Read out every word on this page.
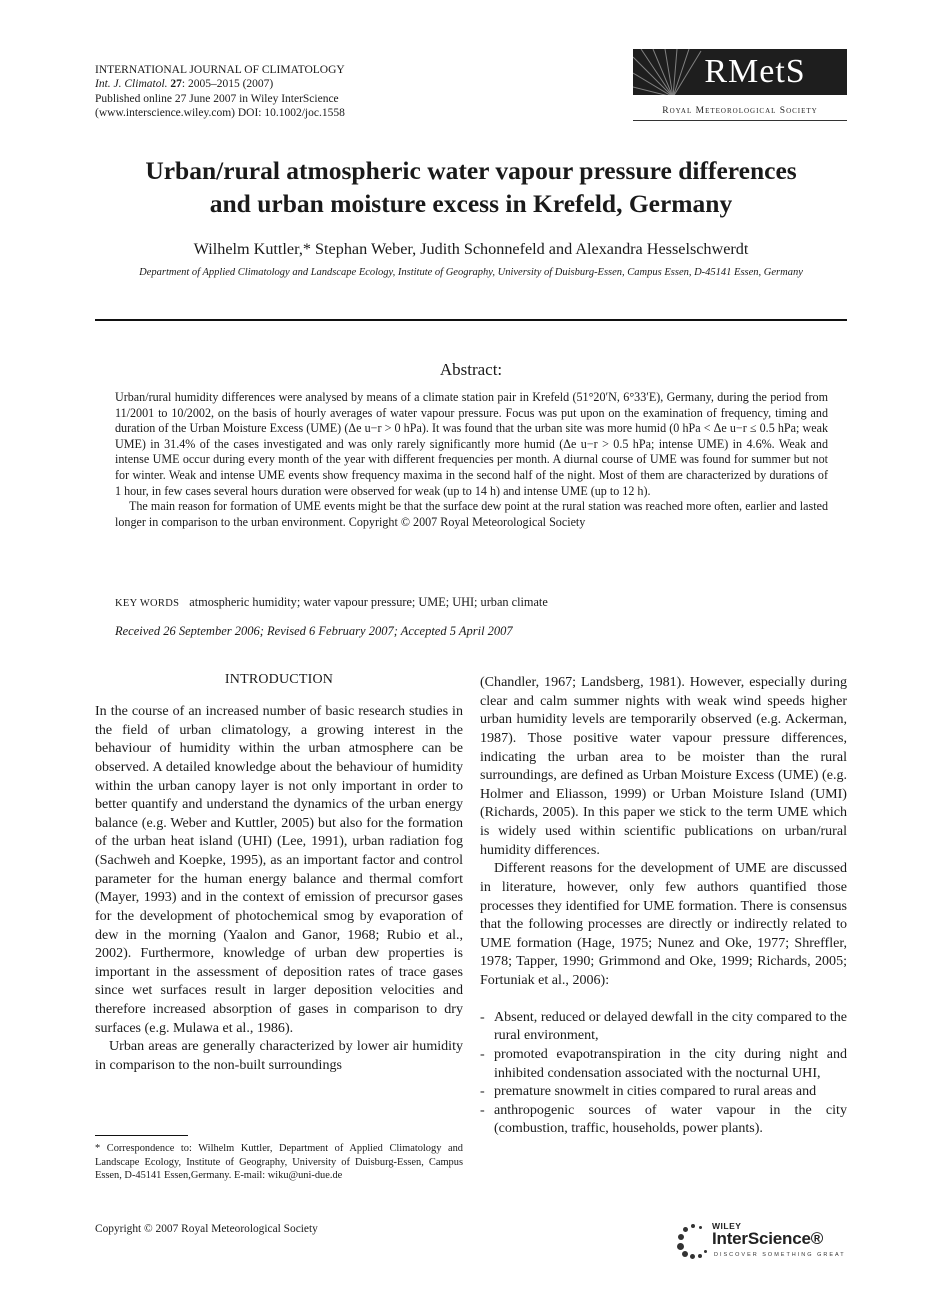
INTERNATIONAL JOURNAL OF CLIMATOLOGY
Int. J. Climatol. 27: 2005–2015 (2007)
Published online 27 June 2007 in Wiley InterScience
(www.interscience.wiley.com) DOI: 10.1002/joc.1558
RMetS
Royal Meteorological Society
Urban/rural atmospheric water vapour pressure differences
and urban moisture excess in Krefeld, Germany
Wilhelm Kuttler,* Stephan Weber, Judith Schonnefeld and Alexandra Hesselschwerdt
Department of Applied Climatology and Landscape Ecology, Institute of Geography, University of Duisburg-Essen, Campus Essen, D-45141 Essen, Germany
Abstract:

Urban/rural humidity differences were analysed by means of a climate station pair in Krefeld (51°20′N, 6°33′E), Germany, during the period from 11/2001 to 10/2002, on the basis of hourly averages of water vapour pressure. Focus was put upon on the examination of frequency, timing and duration of the Urban Moisture Excess (UME) (Δe u−r > 0 hPa). It was found that the urban site was more humid (0 hPa < Δe u−r ≤ 0.5 hPa; weak UME) in 31.4% of the cases investigated and was only rarely significantly more humid (Δe u−r > 0.5 hPa; intense UME) in 4.6%. Weak and intense UME occur during every month of the year with different frequencies per month. A diurnal course of UME was found for summer but not for winter. Weak and intense UME events show frequency maxima in the second half of the night. Most of them are characterized by durations of 1 hour, in few cases several hours duration were observed for weak (up to 14 h) and intense UME (up to 12 h).

The main reason for formation of UME events might be that the surface dew point at the rural station was reached more often, earlier and lasted longer in comparison to the urban environment. Copyright © 2007 Royal Meteorological Society

KEY WORDS atmospheric humidity; water vapour pressure; UME; UHI; urban climate
Received 26 September 2006; Revised 6 February 2007; Accepted 5 April 2007
INTRODUCTION

In the course of an increased number of basic research studies in the field of urban climatology, a growing interest in the behaviour of humidity within the urban atmosphere can be observed. A detailed knowledge about the behaviour of humidity within the urban canopy layer is not only important in order to better quantify and understand the dynamics of the urban energy balance (e.g. Weber and Kuttler, 2005) but also for the formation of the urban heat island (UHI) (Lee, 1991), urban radiation fog (Sachweh and Koepke, 1995), as an important factor and control parameter for the human energy balance and thermal comfort (Mayer, 1993) and in the context of emission of precursor gases for the development of photochemical smog by evaporation of dew in the morning (Yaalon and Ganor, 1968; Rubio et al., 2002). Furthermore, knowledge of urban dew properties is important in the assessment of deposition rates of trace gases since wet surfaces result in larger deposition velocities and therefore increased absorption of gases in comparison to dry surfaces (e.g. Mulawa et al., 1986).

Urban areas are generally characterized by lower air humidity in comparison to the non-built surroundings

(Chandler, 1967; Landsberg, 1981). However, especially during clear and calm summer nights with weak wind speeds higher urban humidity levels are temporarily observed (e.g. Ackerman, 1987). Those positive water vapour pressure differences, indicating the urban area to be moister than the rural surroundings, are defined as Urban Moisture Excess (UME) (e.g. Holmer and Eliasson, 1999) or Urban Moisture Island (UMI) (Richards, 2005). In this paper we stick to the term UME which is widely used within scientific publications on urban/rural humidity differences.

Different reasons for the development of UME are discussed in literature, however, only few authors quantified those processes they identified for UME formation. There is consensus that the following processes are directly or indirectly related to UME formation (Hage, 1975; Nunez and Oke, 1977; Shreffler, 1978; Tapper, 1990; Grimmond and Oke, 1999; Richards, 2005; Fortuniak et al., 2006):

- Absent, reduced or delayed dewfall in the city compared to the rural environment,
- promoted evapotranspiration in the city during night and inhibited condensation associated with the nocturnal UHI,
- premature snowmelt in cities compared to rural areas and
- anthropogenic sources of water vapour in the city (combustion, traffic, households, power plants).
* Correspondence to: Wilhelm Kuttler, Department of Applied Climatology and Landscape Ecology, Institute of Geography, University of Duisburg-Essen, Campus Essen, D-45141 Essen,Germany. E-mail: wiku@uni-due.de
Copyright © 2007 Royal Meteorological Society	WILEY
InterScience®
DISCOVER SOMETHING GREAT
